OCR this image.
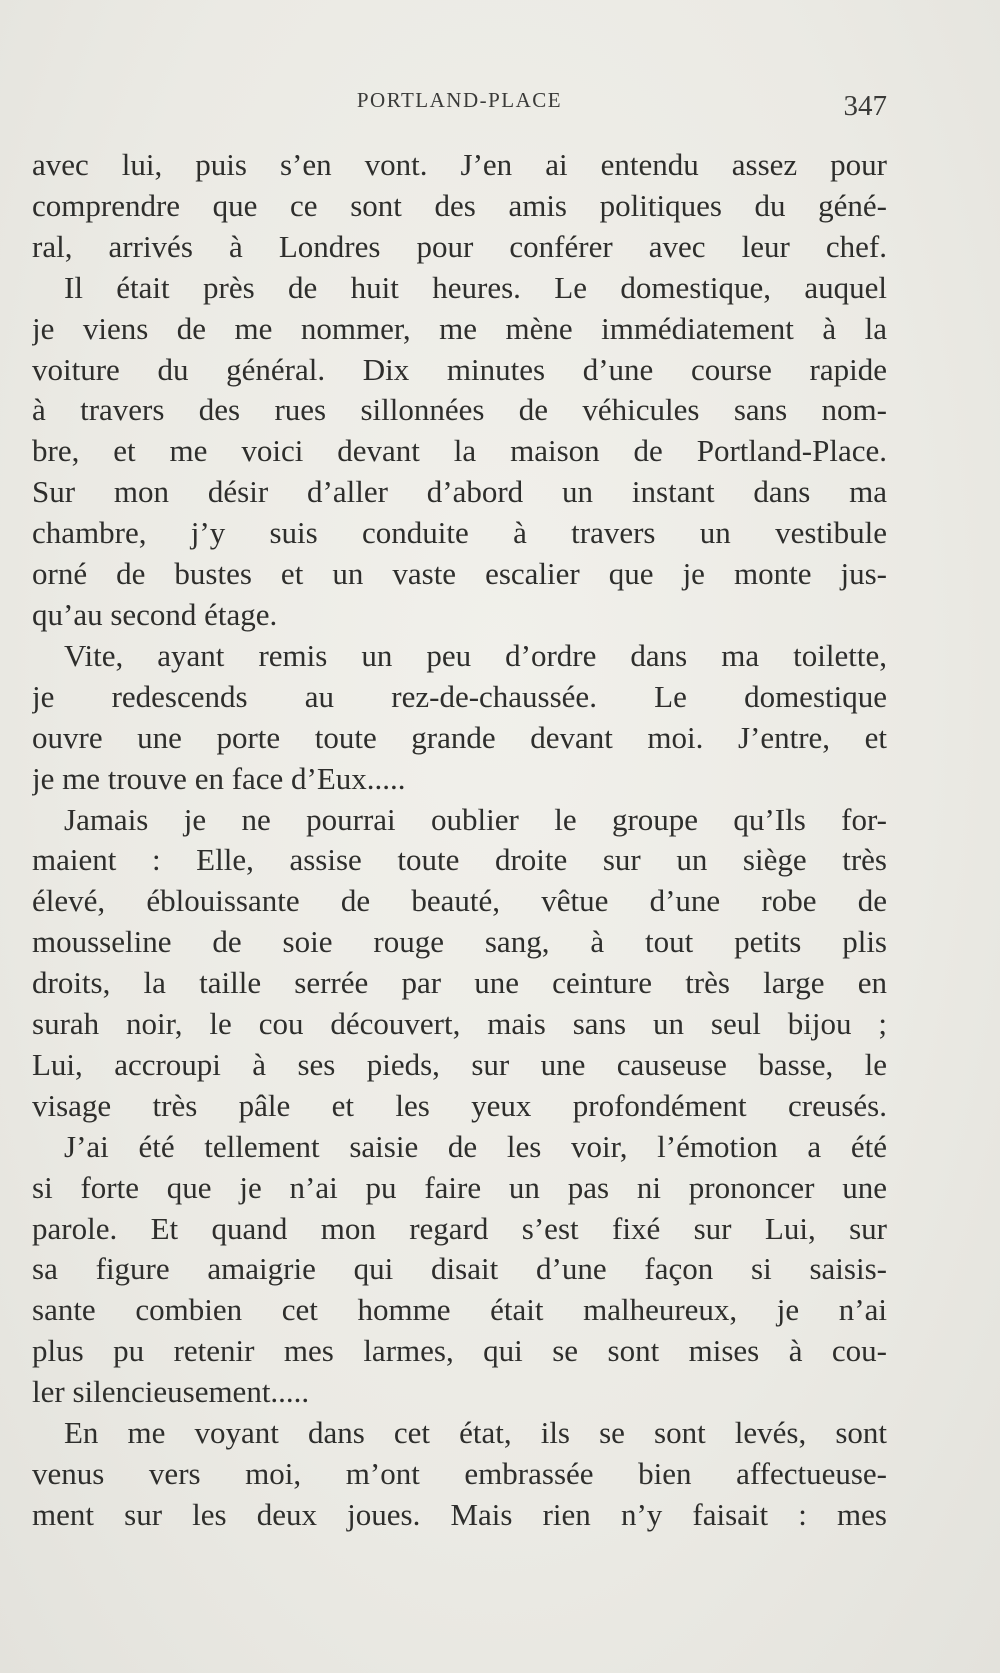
PORTLAND-PLACE	347
avec lui, puis s’en vont. J’en ai entendu assez pour
comprendre que ce sont des amis politiques du géné-
ral, arrivés à Londres pour conférer avec leur chef.
Il était près de huit heures. Le domestique, auquel
je viens de me nommer, me mène immédiatement à la
voiture du général. Dix minutes d’une course rapide
à travers des rues sillonnées de véhicules sans nom-
bre, et me voici devant la maison de Portland-Place.
Sur mon désir d’aller d’abord un instant dans ma
chambre, j’y suis conduite à travers un vestibule
orné de bustes et un vaste escalier que je monte jus-
qu’au second étage.
Vite, ayant remis un peu d’ordre dans ma toilette,
je redescends au rez-de-chaussée. Le domestique
ouvre une porte toute grande devant moi. J’entre, et
je me trouve en face d’Eux.....
Jamais je ne pourrai oublier le groupe qu’Ils for-
maient : Elle, assise toute droite sur un siège très
élevé, éblouissante de beauté, vêtue d’une robe de
mousseline de soie rouge sang, à tout petits plis
droits, la taille serrée par une ceinture très large en
surah noir, le cou découvert, mais sans un seul bijou ;
Lui, accroupi à ses pieds, sur une causeuse basse, le
visage très pâle et les yeux profondément creusés.
J’ai été tellement saisie de les voir, l’émotion a été
si forte que je n’ai pu faire un pas ni prononcer une
parole. Et quand mon regard s’est fixé sur Lui, sur
sa figure amaigrie qui disait d’une façon si saisis-
sante combien cet homme était malheureux, je n’ai
plus pu retenir mes larmes, qui se sont mises à cou-
ler silencieusement.....
En me voyant dans cet état, ils se sont levés, sont
venus vers moi, m’ont embrassée bien affectueuse-
ment sur les deux joues. Mais rien n’y faisait : mes
